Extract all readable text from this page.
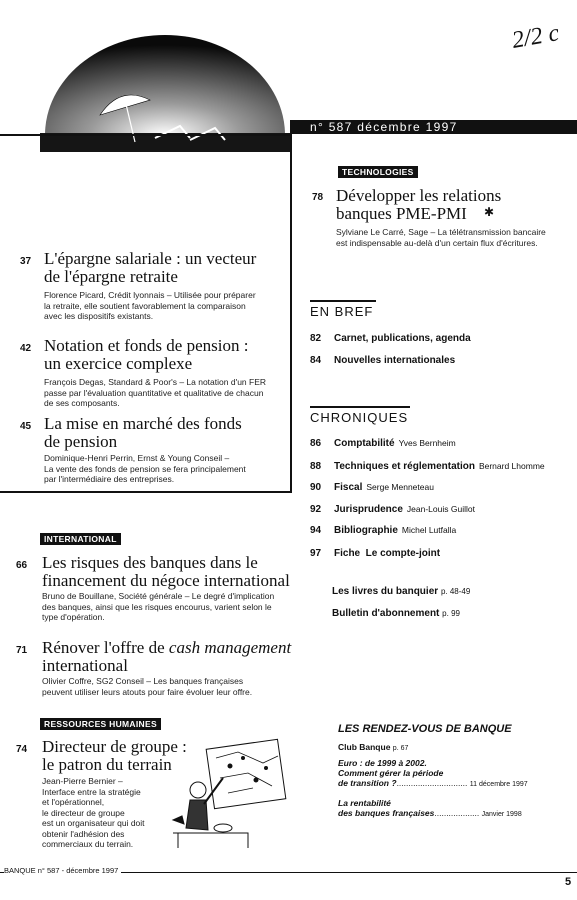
2/2 c
n° 587 décembre 1997
TECHNOLOGIES
78 Développer les relations
banques PME-PMI	✱
Sylviane Le Carré, Sage – La télétransmission bancaire
est indispensable au-delà d'un certain flux d'écritures.
37 L'épargne salariale : un vecteur
de l'épargne retraite
Florence Picard, Crédit lyonnais – Utilisée pour préparer
la retraite, elle soutient favorablement la comparaison
avec les dispositifs existants.
42 Notation et fonds de pension :
un exercice complexe
François Degas, Standard & Poor's – La notation d'un FER
passe par l'évaluation quantitative et qualitative de chacun
de ses composants.
45 La mise en marché des fonds
de pension
Dominique-Henri Perrin, Ernst & Young Conseil –
La vente des fonds de pension se fera principalement
par l'intermédiaire des entreprises.
EN BREF
82 Carnet, publications, agenda
84 Nouvelles internationales
CHRONIQUES
86 Comptabilité Yves Bernheim
88 Techniques et réglementation Bernard Lhomme
90 Fiscal Serge Menneteau
92 Jurisprudence Jean-Louis Guillot
94 Bibliographie Michel Lutfalla
97 Fiche  Le compte-joint
Les livres du banquier p. 48-49
Bulletin d'abonnement p. 99
INTERNATIONAL
66 Les risques des banques dans le
financement du négoce international
Bruno de Bouillane, Société générale – Le degré d'implication
des banques, ainsi que les risques encourus, varient selon le
type d'opération.
71 Rénover l'offre de cash management
international
Olivier Coffre, SG2 Conseil – Les banques françaises
peuvent utiliser leurs atouts pour faire évoluer leur offre.
RESSOURCES HUMAINES
74 Directeur de groupe :
le patron du terrain
Jean-Pierre Bernier –
Interface entre la stratégie
et l'opérationnel,
le directeur de groupe
est un organisateur qui doit
obtenir l'adhésion des
commerciaux du terrain.
LES RENDEZ-VOUS DE BANQUE
Club Banque p. 67
Euro : de 1999 à 2002.
Comment gérer la période
de transition ?.............................. 11 décembre 1997
La rentabilité
des banques françaises................... Janvier 1998
BANQUE n° 587 - décembre 1997
5
